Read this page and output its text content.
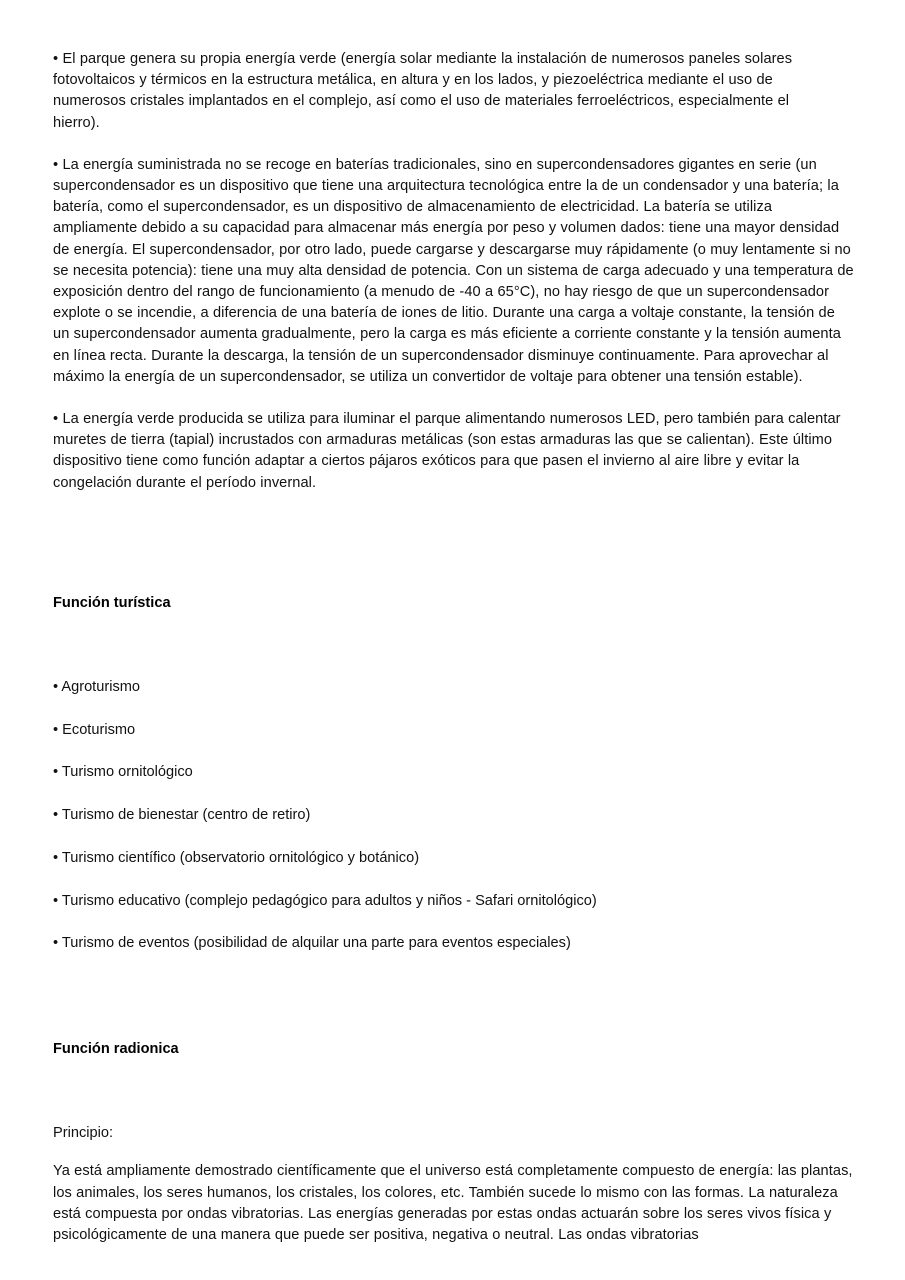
• El parque genera su propia energía verde (energía solar mediante la instalación de numerosos paneles solares fotovoltaicos y térmicos en la estructura metálica, en altura y en los lados, y piezoeléctrica mediante el uso de numerosos cristales implantados en el complejo, así como el uso de materiales ferroeléctricos, especialmente el hierro).

• La energía suministrada no se recoge en baterías tradicionales, sino en supercondensadores gigantes en serie (un supercondensador es un dispositivo que tiene una arquitectura tecnológica entre la de un condensador y una batería; la batería, como el supercondensador, es un dispositivo de almacenamiento de electricidad. La batería se utiliza ampliamente debido a su capacidad para almacenar más energía por peso y volumen dados: tiene una mayor densidad de energía. El supercondensador, por otro lado, puede cargarse y descargarse muy rápidamente (o muy lentamente si no se necesita potencia): tiene una muy alta densidad de potencia. Con un sistema de carga adecuado y una temperatura de exposición dentro del rango de funcionamiento (a menudo de -40 a 65°C), no hay riesgo de que un supercondensador explote o se incendie, a diferencia de una batería de iones de litio. Durante una carga a voltaje constante, la tensión de un supercondensador aumenta gradualmente, pero la carga es más eficiente a corriente constante y la tensión aumenta en línea recta. Durante la descarga, la tensión de un supercondensador disminuye continuamente. Para aprovechar al máximo la energía de un supercondensador, se utiliza un convertidor de voltaje para obtener una tensión estable).

• La energía verde producida se utiliza para iluminar el parque alimentando numerosos LED, pero también para calentar muretes de tierra (tapial) incrustados con armaduras metálicas (son estas armaduras las que se calientan). Este último dispositivo tiene como función adaptar a ciertos pájaros exóticos para que pasen el invierno al aire libre y evitar la congelación durante el período invernal.

Función turística
• Agroturismo
• Ecoturismo
• Turismo ornitológico
• Turismo de bienestar (centro de retiro)
• Turismo científico (observatorio ornitológico y botánico)
• Turismo educativo (complejo pedagógico para adultos y niños - Safari ornitológico)
• Turismo de eventos (posibilidad de alquilar una parte para eventos especiales)
Función radionica

Principio:

Ya está ampliamente demostrado científicamente que el universo está completamente compuesto de energía: las plantas, los animales, los seres humanos, los cristales, los colores, etc. También sucede lo mismo con las formas. La naturaleza está compuesta por ondas vibratorias. Las energías generadas por estas ondas actuarán sobre los seres vivos física y psicológicamente de una manera que puede ser positiva, negativa o neutral. Las ondas vibratorias
